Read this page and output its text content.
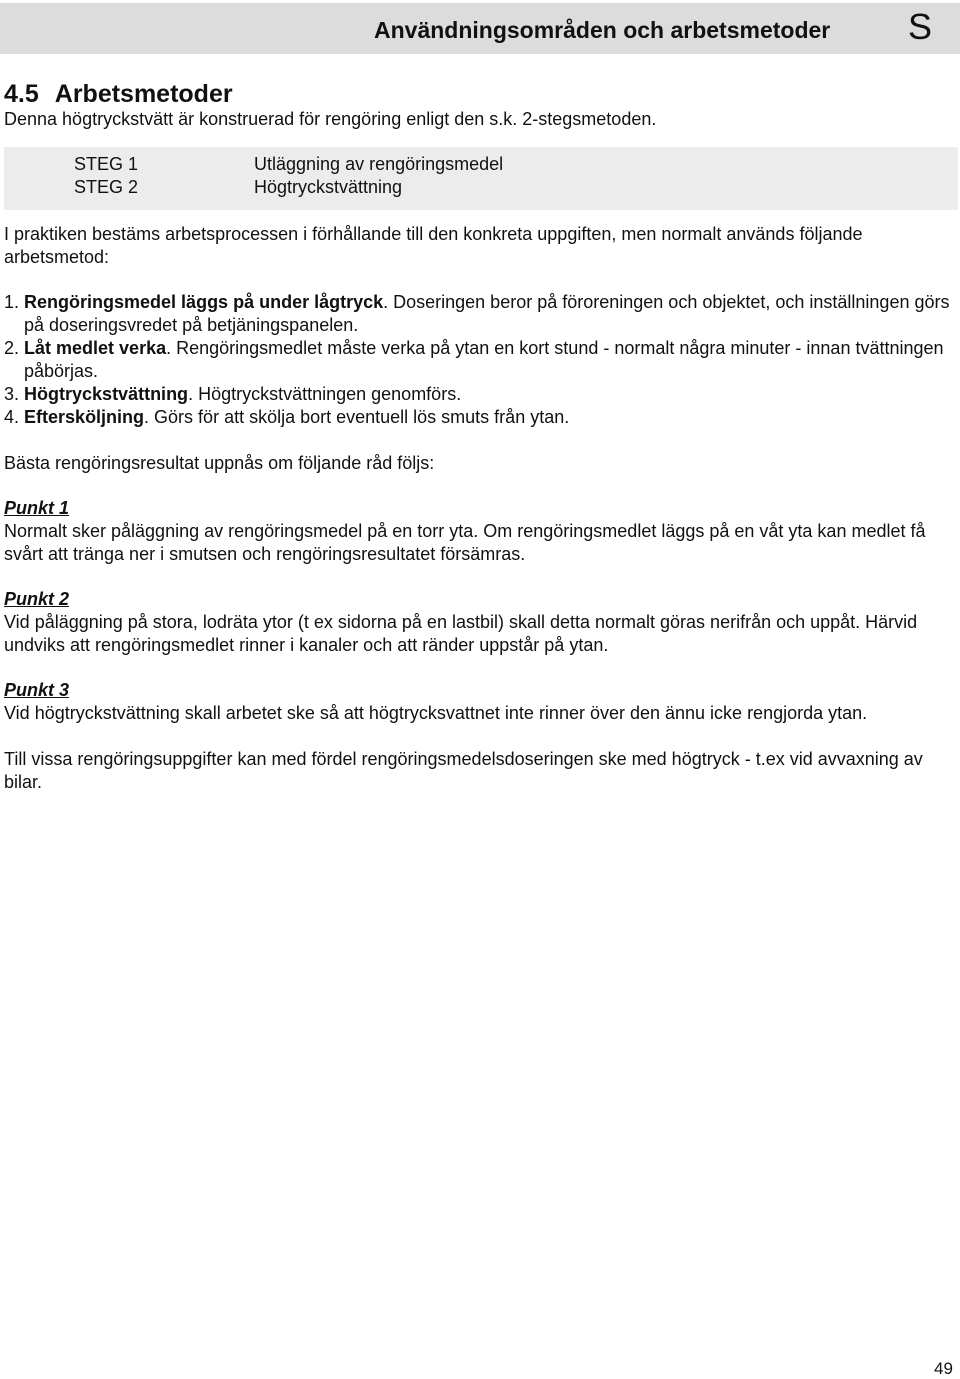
Användningsområden och arbetsmetoder S
4.5 Arbetsmetoder
Denna högtryckstvätt är konstruerad för rengöring enligt den s.k. 2-stegsmetoden.
STEG 1	Utläggning av rengöringsmedel
STEG 2	Högtryckstvättning
I praktiken bestäms arbetsprocessen i förhållande till den konkreta uppgiften, men normalt används följande arbetsmetod:
1. Rengöringsmedel läggs på under lågtryck. Doseringen beror på föroreningen och objektet, och inställningen görs på doseringsvredet på betjäningspanelen.
2. Låt medlet verka. Rengöringsmedlet måste verka på ytan en kort stund - normalt några minuter - innan tvättningen påbörjas.
3. Högtryckstvättning. Högtryckstvättningen genomförs.
4. Eftersköljning. Görs för att skölja bort eventuell lös smuts från ytan.
Bästa rengöringsresultat uppnås om följande råd följs:
Punkt 1
Normalt sker påläggning av rengöringsmedel på en torr yta. Om rengöringsmedlet läggs på en våt yta kan medlet få svårt att tränga ner i smutsen och rengöringsresultatet försämras.
Punkt 2
Vid påläggning på stora, lodräta ytor (t ex sidorna på en lastbil) skall detta normalt göras nerifrån och uppåt. Härvid undviks att rengöringsmedlet rinner i kanaler och att ränder uppstår på ytan.
Punkt 3
Vid högtryckstvättning skall arbetet ske så att högtrycksvattnet inte rinner över den ännu icke rengjorda ytan.
Till vissa rengöringsuppgifter kan med fördel rengöringsmedelsdoseringen ske med högtryck - t.ex vid avvaxning av bilar.
49
